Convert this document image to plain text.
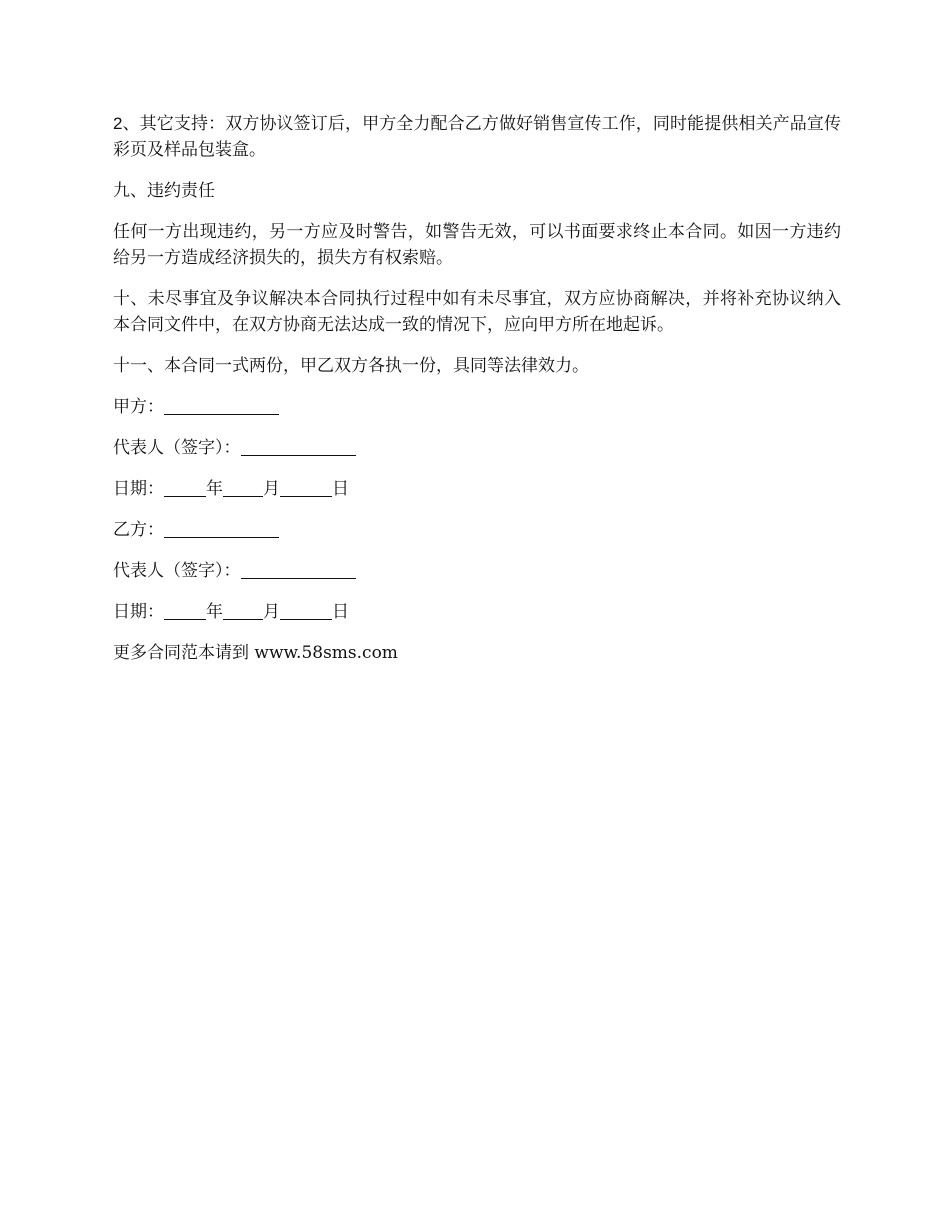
2、其它支持：双方协议签订后，甲方全力配合乙方做好销售宣传工作，同时能提供相关产品宣传彩页及样品包装盒。

九、违约责任

任何一方出现违约，另一方应及时警告，如警告无效，可以书面要求终止本合同。如因一方违约给另一方造成经济损失的，损失方有权索赔。

十、未尽事宜及争议解决本合同执行过程中如有未尽事宜，双方应协商解决，并将补充协议纳入本合同文件中，在双方协商无法达成一致的情况下，应向甲方所在地起诉。

十一、本合同一式两份，甲乙双方各执一份，具同等法律效力。

甲方：

代表人（签字）：

日期： 年 月	日

乙方：

代表人（签字）：

日期： 年 月	日

更多合同范本请到 www.58sms.com
